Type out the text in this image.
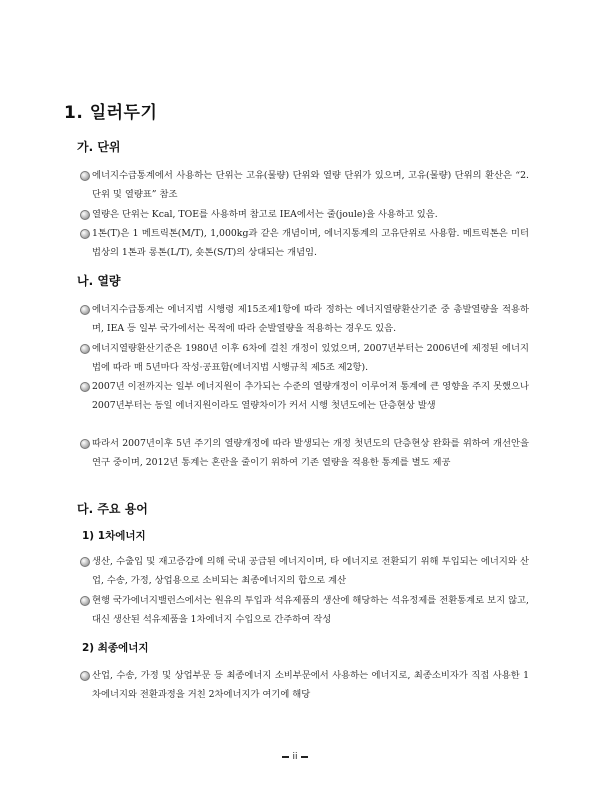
1. 일러두기
가. 단위
에너지수급통계에서 사용하는 단위는 고유(물량) 단위와 열량 단위가 있으며, 고유(물량) 단위의 환산은 “2. 단위 및 열량표” 참조
열량은 단위는 Kcal, TOE를 사용하며 참고로 IEA에서는 줄(joule)을 사용하고 있음.
1톤(T)은 1 메트릭톤(M/T), 1,000kg과 같은 개념이며, 에너지통계의 고유단위로 사용함. 메트릭톤은 미터법상의 1톤과 롱톤(L/T), 숏톤(S/T)의 상대되는 개념임.
나. 열량
에너지수급통계는 에너지법 시행령 제15조제1항에 따라 정하는 에너지열량환산기준 중 총발열량을 적용하며, IEA 등 일부 국가에서는 목적에 따라 순발열량을 적용하는 경우도 있음.
에너지열량환산기준은 1980년 이후 6차에 걸친 개정이 있었으며, 2007년부터는 2006년에 제정된 에너지법에 따라 매 5년마다 작성·공표함(에너지법 시행규칙 제5조 제2항).
2007년 이전까지는 일부 에너지원이 추가되는 수준의 열량개정이 이루어져 통계에 큰 영향을 주지 못했으나 2007년부터는 동일 에너지원이라도 열량차이가 커서 시행 첫년도에는 단층현상 발생
따라서 2007년이후 5년 주기의 열량개정에 따라 발생되는 개정 첫년도의 단층현상 완화를 위하여 개선안을 연구 중이며, 2012년 통계는 혼란을 줄이기 위하여 기존 열량을 적용한 통계를 별도 제공
다. 주요 용어
1) 1차에너지
생산, 수출입 및 재고증감에 의해 국내 공급된 에너지이며, 타 에너지로 전환되기 위해 투입되는 에너지와 산업, 수송, 가정, 상업용으로 소비되는 최종에너지의 합으로 계산
현행 국가에너지밸런스에서는 원유의 투입과 석유제품의 생산에 해당하는 석유정제를 전환통계로 보지 않고, 대신 생산된 석유제품을 1차에너지 수입으로 간주하여 작성
2) 최종에너지
산업, 수송, 가정 및 상업부문 등 최종에너지 소비부문에서 사용하는 에너지로, 최종소비자가 직접 사용한 1차에너지와 전환과정을 거친 2차에너지가 여기에 해당
ii
